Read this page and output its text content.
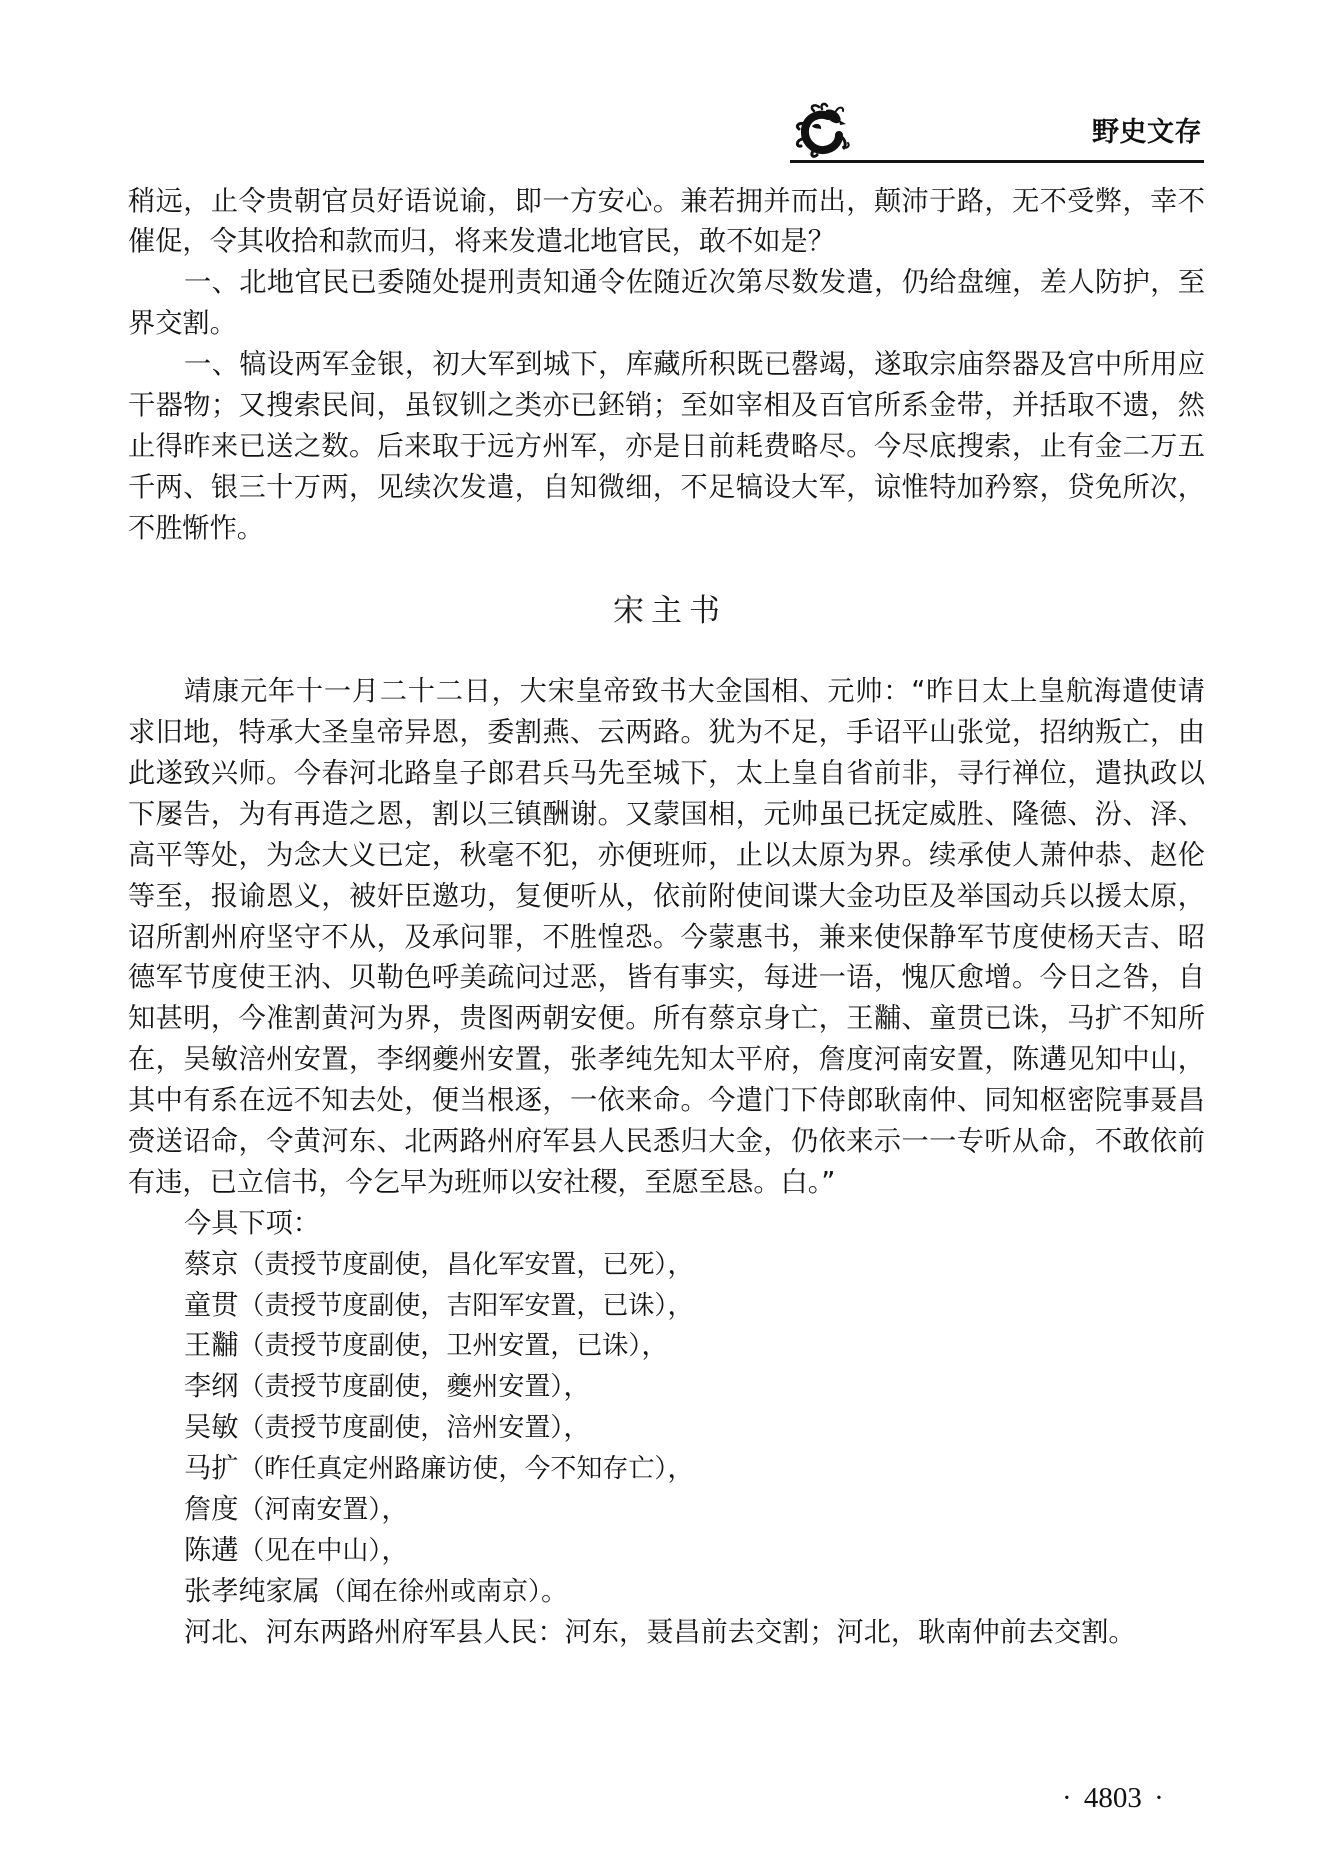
野史文存
稍远，止令贵朝官员好语说谕，即一方安心。兼若拥并而出，颠沛于路，无不受弊，幸不
催促，令其收拾和款而归，将来发遣北地官民，敢不如是？
一、北地官民已委随处提刑责知通令佐随近次第尽数发遣，仍给盘缠，差人防护，至
界交割。
一、犒设两军金银，初大军到城下，库藏所积既已罄竭，遂取宗庙祭器及宫中所用应
干器物；又搜索民间，虽钗钏之类亦已鉟销；至如宰相及百官所系金带，并括取不遗，然
止得昨来已送之数。后来取于远方州军，亦是日前耗费略尽。今尽底搜索，止有金二万五
千两、银三十万两，见续次发遣，自知微细，不足犒设大军，谅惟特加矜察，贷免所次，
不胜惭怍。
宋主书
靖康元年十一月二十二日，大宋皇帝致书大金国相、元帅：“昨日太上皇航海遣使请
求旧地，特承大圣皇帝异恩，委割燕、云两路。犹为不足，手诏平山张觉，招纳叛亡，由
此遂致兴师。今春河北路皇子郎君兵马先至城下，太上皇自省前非，寻行禅位，遣执政以
下屡告，为有再造之恩，割以三镇酬谢。又蒙国相，元帅虽已抚定威胜、隆德、汾、泽、
高平等处，为念大义已定，秋毫不犯，亦便班师，止以太原为界。续承使人萧仲恭、赵伦
等至，报谕恩义，被奸臣邀功，复便听从，依前附使间谍大金功臣及举国动兵以援太原，
诏所割州府坚守不从，及承问罪，不胜惶恐。今蒙惠书，兼来使保静军节度使杨天吉、昭
德军节度使王汭、贝勒色呼美疏问过恶，皆有事实，每进一语，愧仄愈增。今日之咎，自
知甚明，今准割黄河为界，贵图两朝安便。所有蔡京身亡，王黼、童贯已诛，马扩不知所
在，吴敏涪州安置，李纲夔州安置，张孝纯先知太平府，詹度河南安置，陈遘见知中山，
其中有系在远不知去处，便当根逐，一依来命。今遣门下侍郎耿南仲、同知枢密院事聂昌
赍送诏命，令黄河东、北两路州府军县人民悉归大金，仍依来示一一专听从命，不敢依前
有违，已立信书，今乞早为班师以安社稷，至愿至恳。白。”
今具下项：
蔡京（责授节度副使，昌化军安置，已死），
童贯（责授节度副使，吉阳军安置，已诛），
王黼（责授节度副使，卫州安置，已诛），
李纲（责授节度副使，夔州安置），
吴敏（责授节度副使，涪州安置），
马扩（昨任真定州路廉访使，今不知存亡），
詹度（河南安置），
陈遘（见在中山），
张孝纯家属（闻在徐州或南京）。
河北、河东两路州府军县人民：河东，聂昌前去交割；河北，耿南仲前去交割。
· 4803 ·
